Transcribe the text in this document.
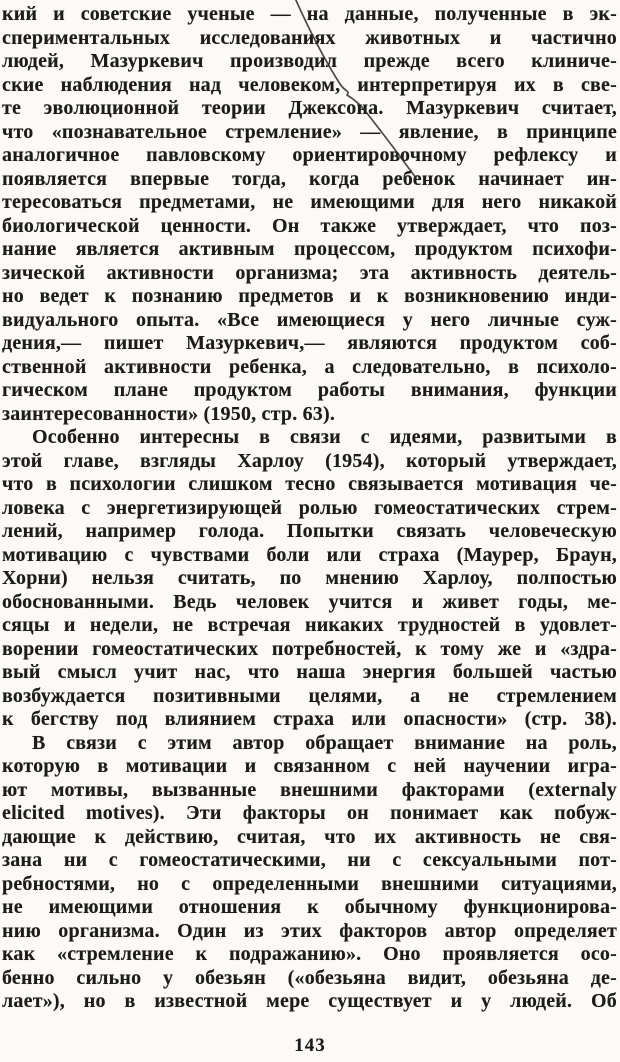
кий и советские ученые — на данные, полученные в эк-
спериментальных исследованиях животных и частично
людей, Мазуркевич производил прежде всего клиниче-
ские наблюдения над человеком, интерпретируя их в све-
те эволюционной теории Джексона. Мазуркевич считает,
что «познавательное стремление» — явление, в принципе
аналогичное павловскому ориентировочному рефлексу и
появляется впервые тогда, когда ребенок начинает ин-
тересоваться предметами, не имеющими для него никакой
биологической ценности. Он также утверждает, что поз-
нание является активным процессом, продуктом психофи-
зической активности организма; эта активность деятель-
но ведет к познанию предметов и к возникновению инди-
видуального опыта. «Все имеющиеся у него личные суж-
дения,— пишет Мазуркевич,— являются продуктом соб-
ственной активности ребенка, а следовательно, в психоло-
гическом плане продуктом работы внимания, функции
заинтересованности» (1950, стр. 63).
Особенно интересны в связи с идеями, развитыми в
этой главе, взгляды Харлоу (1954), который утверждает,
что в психологии слишком тесно связывается мотивация че-
ловека с энергетизирующей ролью гомеостатических стрем-
лений, например голода. Попытки связать человеческую
мотивацию с чувствами боли или страха (Маурер, Браун,
Хорни) нельзя считать, по мнению Харлоу, полпостью
обоснованными. Ведь человек учится и живет годы, ме-
сяцы и недели, не встречая никаких трудностей в удовлет-
ворении гомеостатических потребностей, к тому же и «здра-
вый смысл учит нас, что наша энергия большей частью
возбуждается позитивными целями, а не стремлением
к бегству под влиянием страха или опасности» (стр. 38).
В связи с этим автор обращает внимание на роль,
которую в мотивации и связанном с ней научении игра-
ют мотивы, вызванные внешними факторами (externaly
elicited motives). Эти факторы он понимает как побуж-
дающие к действию, считая, что их активность не свя-
зана ни с гомеостатическими, ни с сексуальными пот-
ребностями, но с определенными внешними ситуациями,
не имеющими отношения к обычному функционирова-
нию организма. Один из этих факторов автор определяет
как «стремление к подражанию». Оно проявляется осо-
бенно сильно у обезьян («обезьяна видит, обезьяна де-
лает»), но в известной мере существует и у людей. Об
143
